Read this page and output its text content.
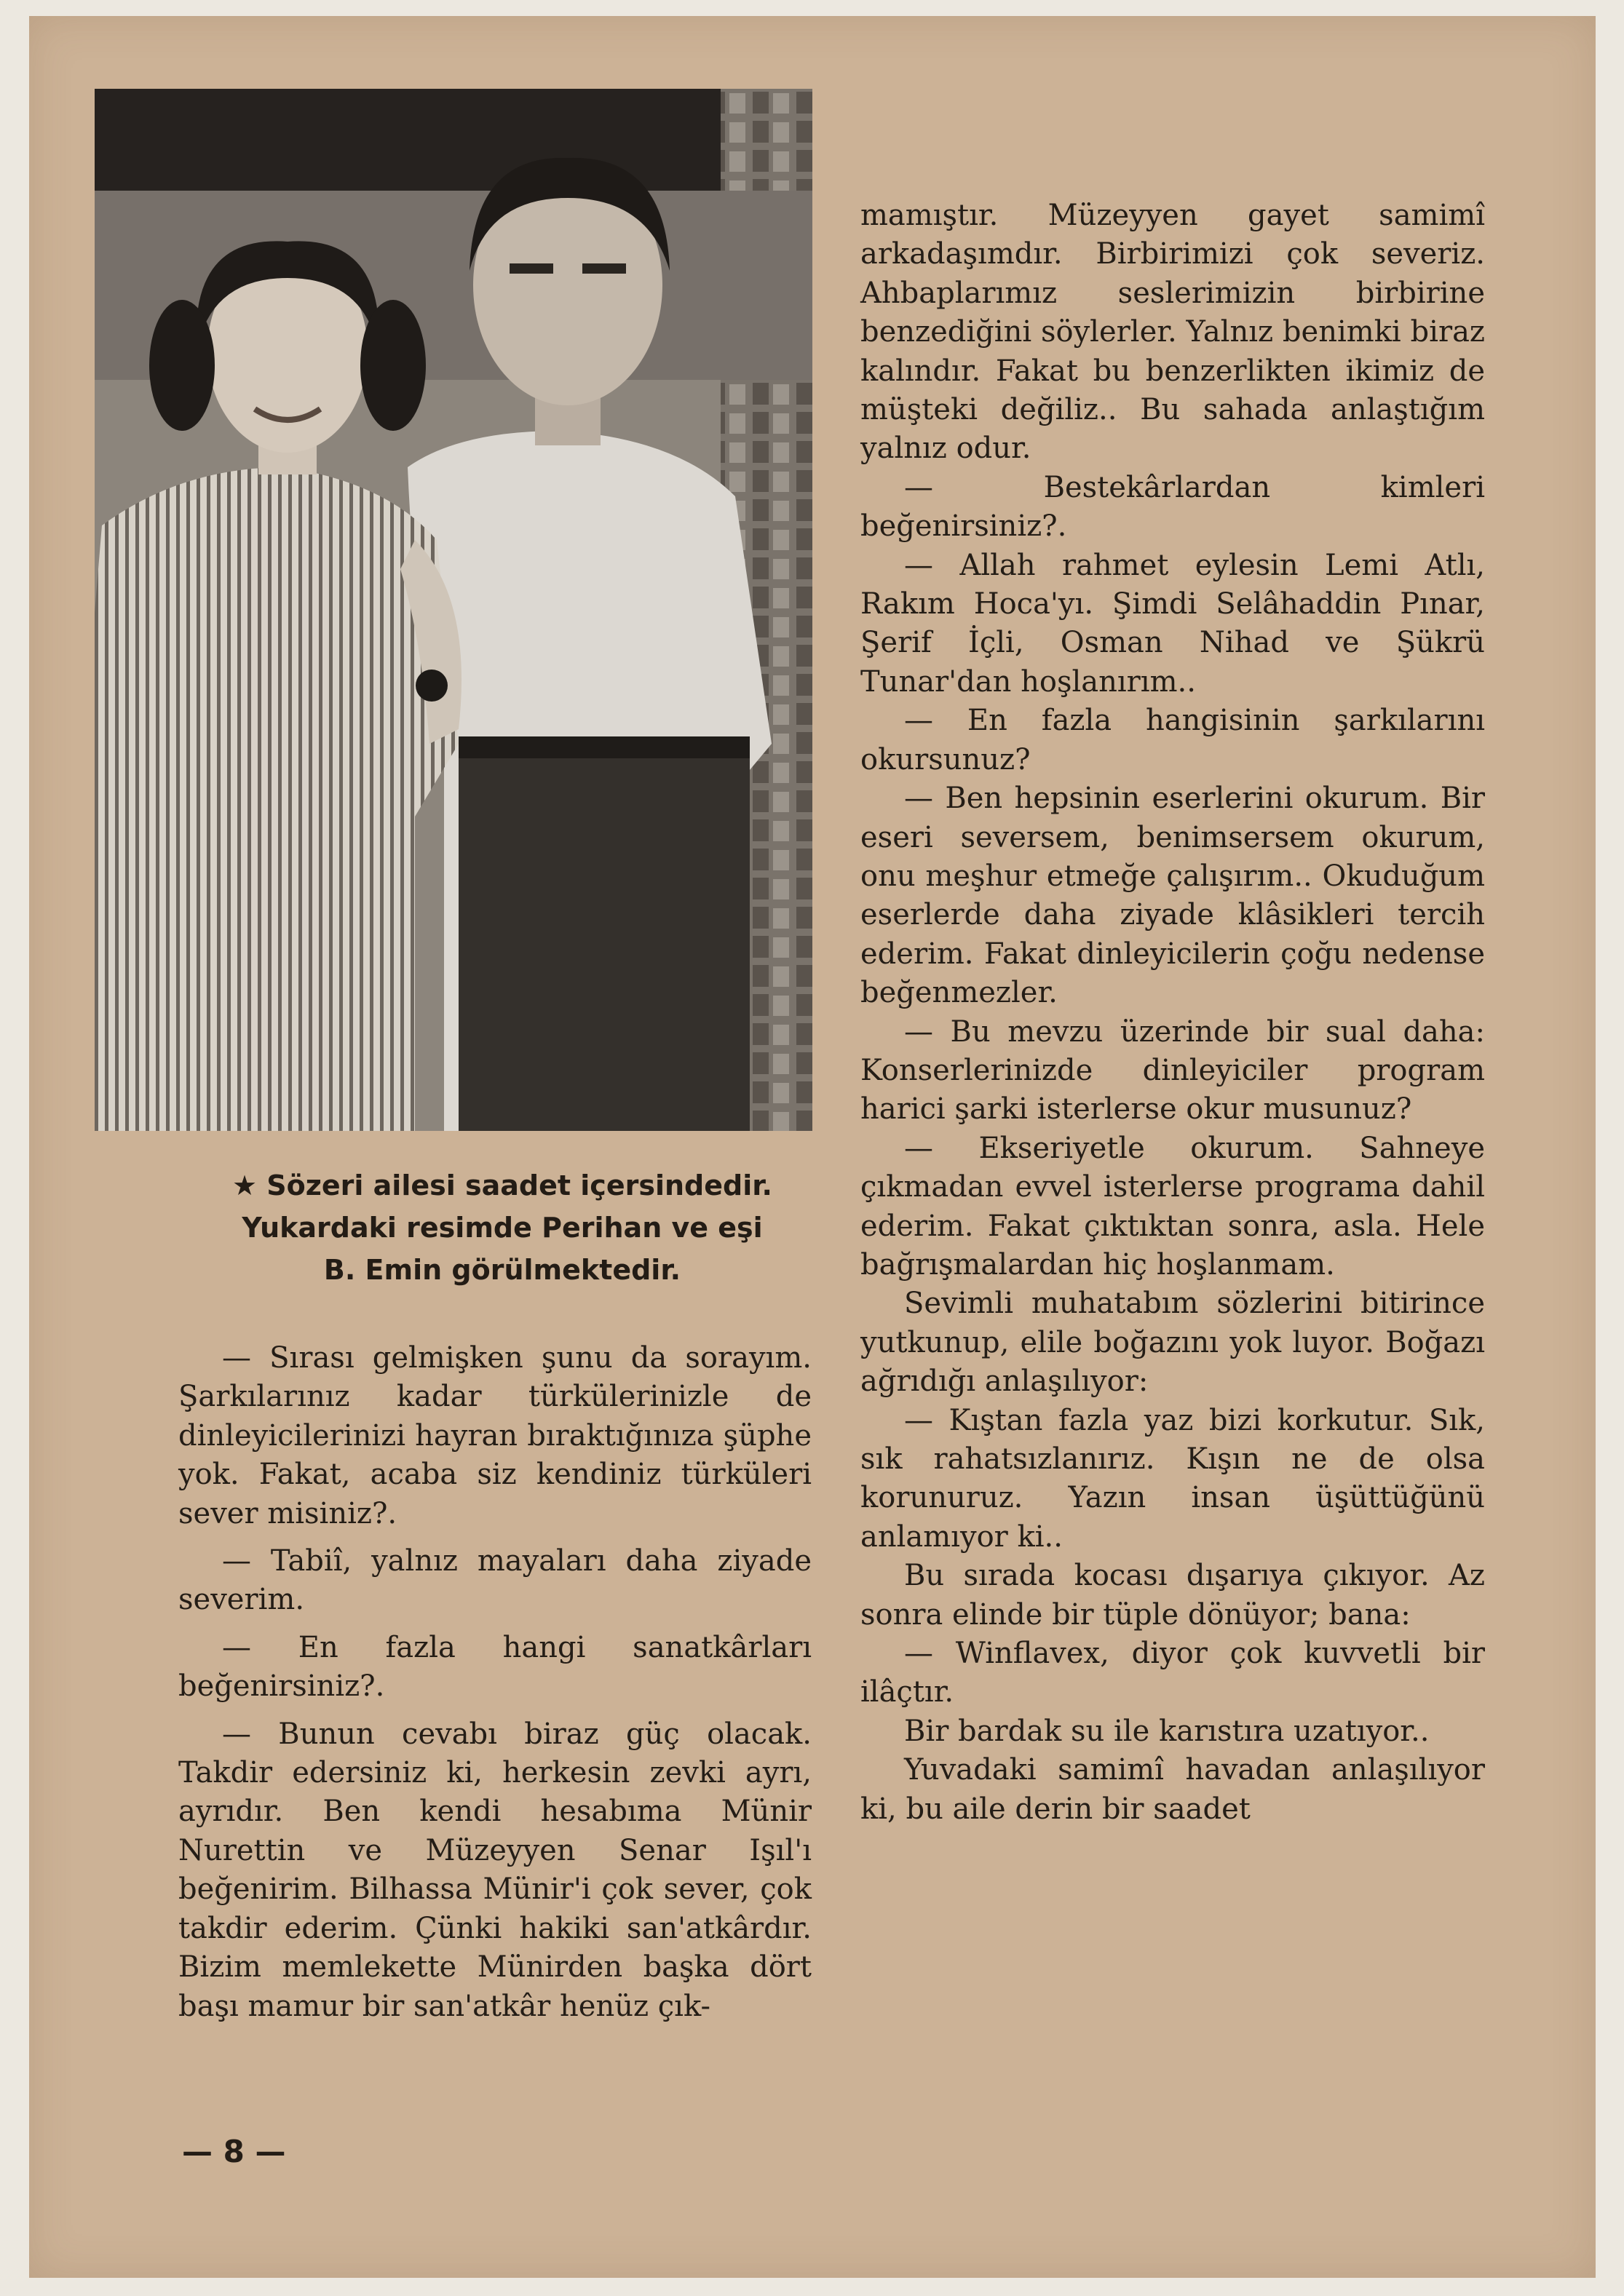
★ Sözeri ailesi saadet içersindedir.
Yukardaki resimde Perihan ve eşi
B. Emin görülmektedir.

— Sırası gelmişken şunu da sorayım. Şarkılarınız kadar türkülerinizle de dinleyicilerinizi hayran bıraktığınıza şüphe yok. Fakat, acaba siz kendiniz türküleri sever misiniz?.

— Tabiî, yalnız mayaları daha ziyade severim.

— En fazla hangi sanatkârları beğenirsiniz?.

— Bunun cevabı biraz güç olacak. Takdir edersiniz ki, herkesin zevki ayrı, ayrıdır. Ben kendi hesabıma Münir Nurettin ve Müzeyyen Senar Işıl'ı beğenirim. Bilhassa Münir'i çok sever, çok takdir ederim. Çünki hakiki san'atkârdır. Bizim memlekette Münirden başka dört başı mamur bir san'atkâr henüz çık-

mamıştır. Müzeyyen gayet samimî arkadaşımdır. Birbirimizi çok severiz. Ahbaplarımız seslerimizin birbirine benzediğini söylerler. Yalnız benimki biraz kalındır. Fakat bu benzerlikten ikimiz de müşteki değiliz.. Bu sahada anlaştığım yalnız odur.

— Bestekârlardan kimleri beğenirsiniz?.

— Allah rahmet eylesin Lemi Atlı, Rakım Hoca'yı. Şimdi Selâhaddin Pınar, Şerif İçli, Osman Nihad ve Şükrü Tunar'dan hoşlanırım..

— En fazla hangisinin şarkılarını okursunuz?

— Ben hepsinin eserlerini okurum. Bir eseri seversem, benimsersem okurum, onu meşhur etmeğe çalışırım.. Okuduğum eserlerde daha ziyade klâsikleri tercih ederim. Fakat dinleyicilerin çoğu nedense beğenmezler.

— Bu mevzu üzerinde bir sual daha: Konserlerinizde dinleyiciler program harici şarki isterlerse okur musunuz?

— Ekseriyetle okurum. Sahneye çıkmadan evvel isterlerse programa dahil ederim. Fakat çıktıktan sonra, asla. Hele bağrışmalardan hiç hoşlanmam.

Sevimli muhatabım sözlerini bitirince yutkunup, elile boğazını yok luyor. Boğazı ağrıdığı anlaşılıyor:

— Kıştan fazla yaz bizi korkutur. Sık, sık rahatsızlanırız. Kışın ne de olsa korunuruz. Yazın insan üşüttüğünü anlamıyor ki..

Bu sırada kocası dışarıya çıkıyor. Az sonra elinde bir tüple dönüyor; bana:

— Winflavex, diyor çok kuvvetli bir ilâçtır.

Bir bardak su ile karıstıra uzatıyor..

Yuvadaki samimî havadan anlaşılıyor ki, bu aile derin bir saadet

— 8 —
